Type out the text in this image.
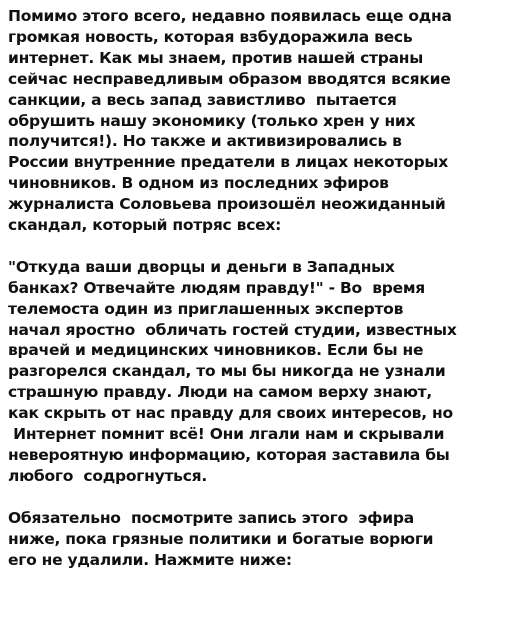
Помимо этого всего, недавно появилась еще одна
громкая новость, которая взбудоражила весь
интернет. Как мы знаем, против нашей страны
сейчас несправедливым образом вводятся всякие
санкции, а весь запад завистливо  пытается
обрушить нашу экономику (только хрен у них
получится!). Но также и активизировались в
России внутренние предатели в лицах некоторых
чиновников. В одном из последних эфиров
журналиста Соловьева произошёл неожиданный
скандал, который потряс всех:

"Откуда ваши дворцы и деньги в Западных
банках? Отвечайте людям правду!" - Во  время
телемоста один из приглашенных экспертов
начал яростно  обличать гостей студии, известных
врачей и медицинских чиновников. Если бы не
разгорелся скандал, то мы бы никогда не узнали
страшную правду. Люди на самом верху знают,
как скрыть от нас правду для своих интересов, но
Интернет помнит всё! Они лгали нам и скрывали
невероятную информацию, которая заставила бы
любого  содрогнуться.

Обязательно  посмотрите запись этого  эфира
ниже, пока грязные политики и богатые ворюги
его не удалили. Нажмите ниже:
